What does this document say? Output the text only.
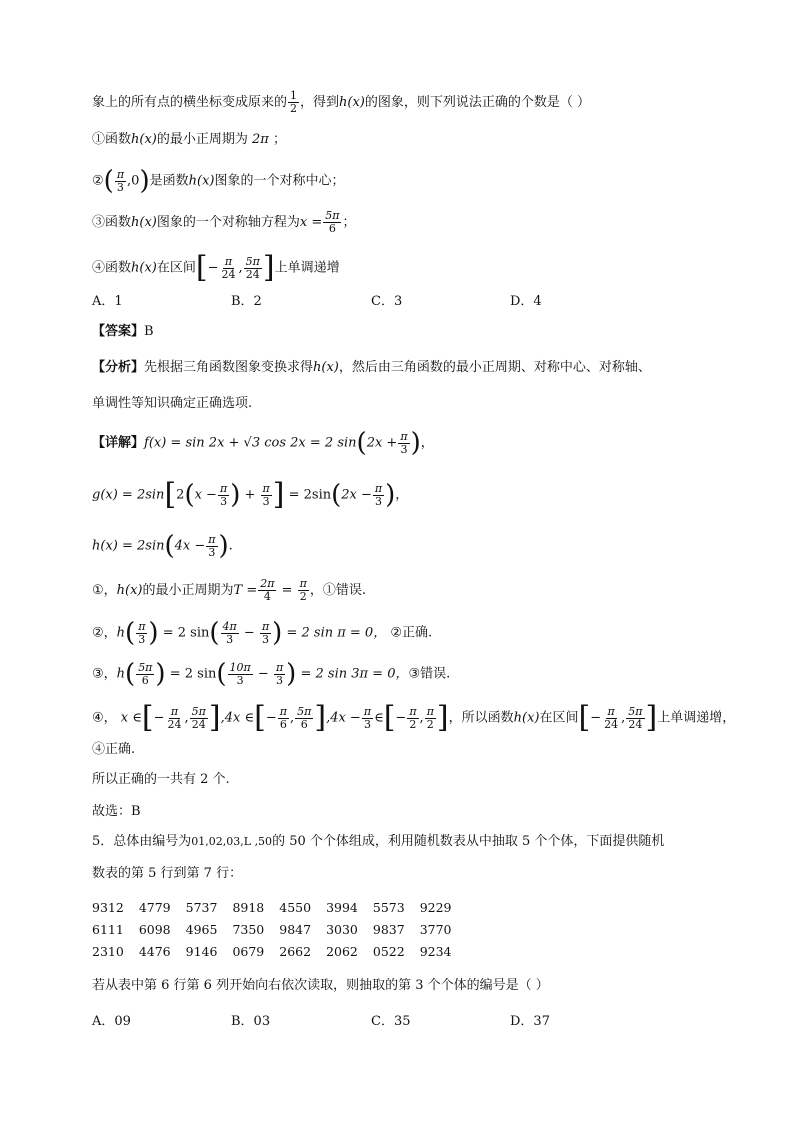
象上的所有点的横坐标变成原来的 $\frac{1}{2}$ ，得到h(x)的图象，则下列说法正确的个数是（ ）
①函数h(x)的最小正周期为 2π ；
②( $\frac{\pi}{3} ,0$)是函数h(x)图象的一个对称中心；
③函数h(x)图象的一个对称轴方程为$x = \frac{5\pi}{6}$ ；
④函数h(x)在区间[− $\frac{\pi}{24}$ , $\frac{5\pi}{24}$ ]上单调递增
A．1	B．2	C．3	D．4
【答案】B
【分析】先根据三角函数图象变换求得h(x)，然后由三角函数的最小正周期、对称中心、对称轴、
单调性等知识确定正确选项.
【详解】f(x) = sin 2x + √3 cos 2x = 2 $\sin(2x + \frac{\pi}{3}$ )，
$g(x) = 2\sin[2(x - \frac{\pi}{3}$ ) + $\frac{\pi}{3}$ ] = $2\sin(2x - \frac{\pi}{3}$ )，
$h(x) = 2\sin(4x - \frac{\pi}{3}$ ).
①，h(x)的最小正周期为$T = \frac{2\pi}{4} = \frac{\pi}{2}$ ，①错误.
②，$h( \frac{\pi}{3}$ ) = 2 $\sin( \frac{4\pi}{3} - \frac{\pi}{3}$ ) = 2 sin π = 0， ②正确.
③，$h( \frac{5\pi}{6}$ ) = 2 $\sin( \frac{10\pi}{3} - \frac{\pi}{3}$ ) = 2 sin 3π = 0，③错误.
④， x ∈[− $\frac{\pi}{24}$ , $\frac{5\pi}{24} ],4x$ ∈[− $\frac{\pi}{6}$ , $\frac{5\pi}{6} ],4x - \frac{\pi}{3}$ ∈[− $\frac{\pi}{2}$ , $\frac{\pi}{2}$ ]，所以函数h(x)在区间[− $\frac{\pi}{24}$ , $\frac{5\pi}{24}$ ]上单调递增，
④正确.
所以正确的一共有 2 个.
故选：B
5．总体由编号为01,02,03,L ,50的 50 个个体组成，利用随机数表从中抽取 5 个个体，下面提供随机
数表的第 5 行到第 7 行：
9312	4779	5737	8918	4550	3994	5573	9229
6111	6098	4965	7350	9847	3030	9837	3770
2310	4476	9146	0679	2662	2062	0522	9234
若从表中第 6 行第 6 列开始向右依次读取，则抽取的第 3 个个体的编号是（ ）
A．09	B．03	C．35	D．37
